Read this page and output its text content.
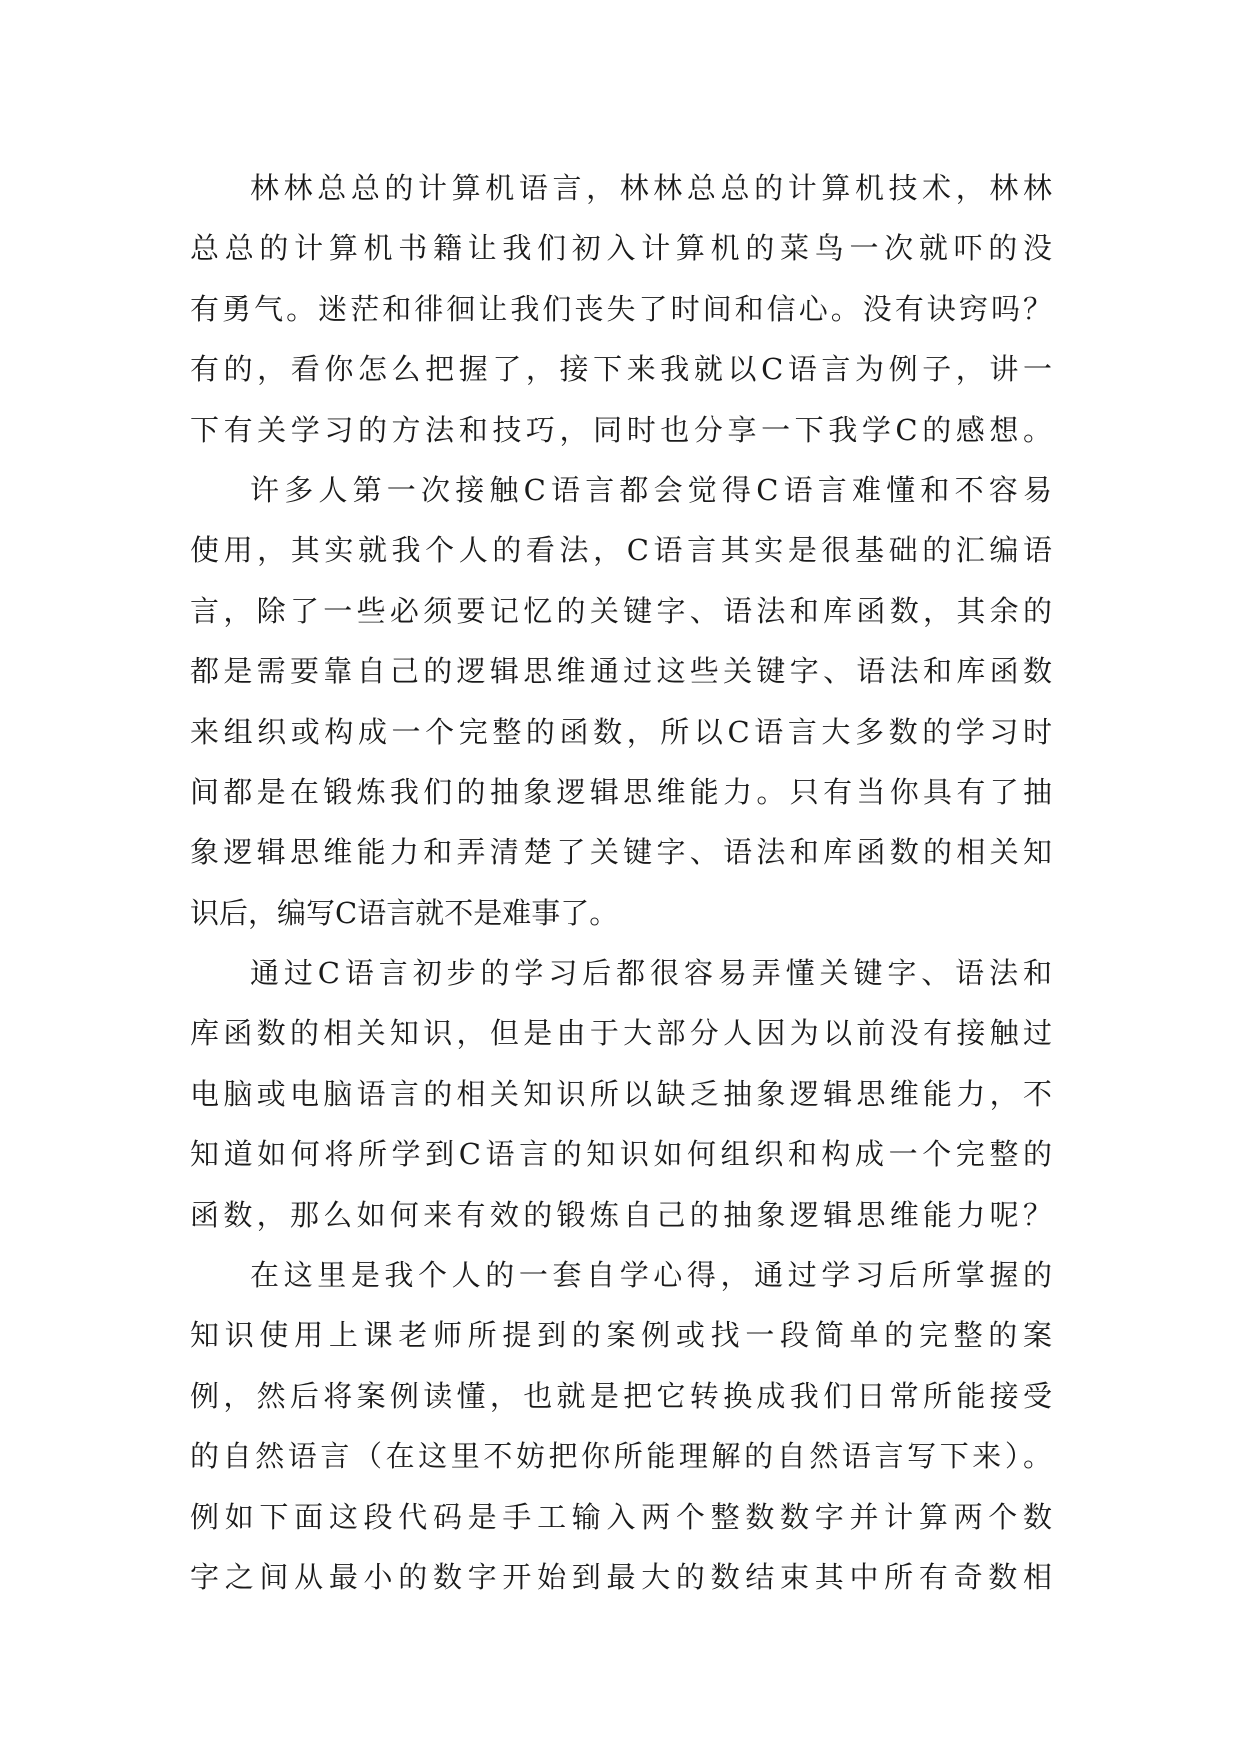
林林总总的计算机语言，林林总总的计算机技术，林林
总总的计算机书籍让我们初入计算机的菜鸟一次就吓的没
有勇气。迷茫和徘徊让我们丧失了时间和信心。没有诀窍吗？
有的，看你怎么把握了，接下来我就以C语言为例子，讲一
下有关学习的方法和技巧，同时也分享一下我学C的感想。
许多人第一次接触C语言都会觉得C语言难懂和不容易
使用，其实就我个人的看法，C语言其实是很基础的汇编语
言，除了一些必须要记忆的关键字、语法和库函数，其余的
都是需要靠自己的逻辑思维通过这些关键字、语法和库函数
来组织或构成一个完整的函数，所以C语言大多数的学习时
间都是在锻炼我们的抽象逻辑思维能力。只有当你具有了抽
象逻辑思维能力和弄清楚了关键字、语法和库函数的相关知
识后，编写C语言就不是难事了。
通过C语言初步的学习后都很容易弄懂关键字、语法和
库函数的相关知识，但是由于大部分人因为以前没有接触过
电脑或电脑语言的相关知识所以缺乏抽象逻辑思维能力，不
知道如何将所学到C语言的知识如何组织和构成一个完整的
函数，那么如何来有效的锻炼自己的抽象逻辑思维能力呢？
在这里是我个人的一套自学心得，通过学习后所掌握的
知识使用上课老师所提到的案例或找一段简单的完整的案
例，然后将案例读懂，也就是把它转换成我们日常所能接受
的自然语言（在这里不妨把你所能理解的自然语言写下来）。
例如下面这段代码是手工输入两个整数数字并计算两个数
字之间从最小的数字开始到最大的数结束其中所有奇数相
